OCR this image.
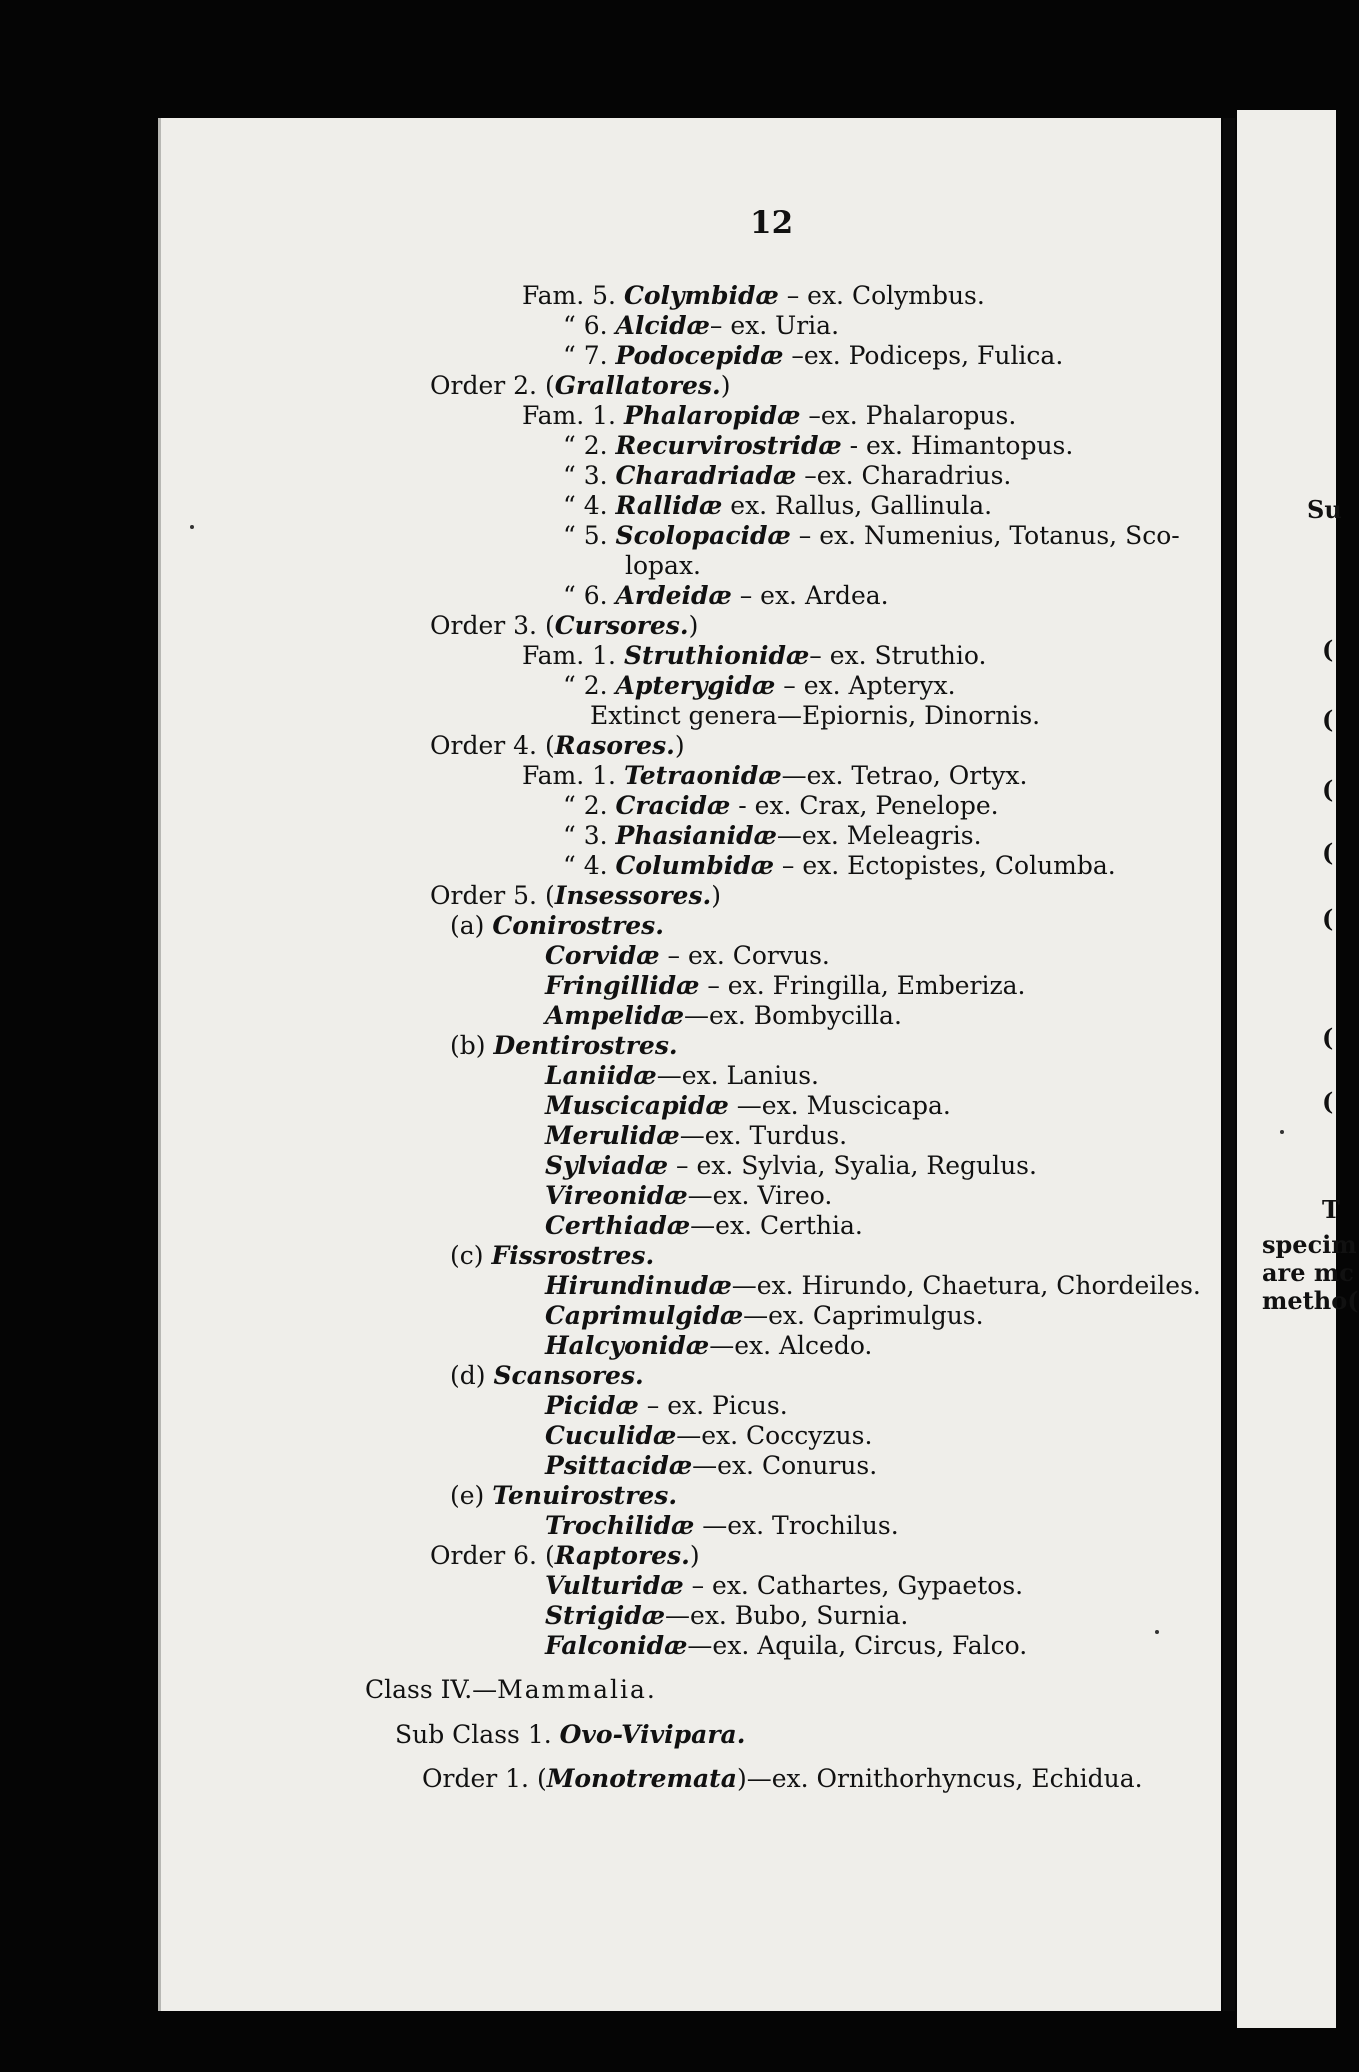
12
Fam. 5. Colymbidæ – ex. Colymbus.
“ 6. Alcidæ– ex. Uria.
“ 7. Podocepidæ –ex. Podiceps, Fulica.
Order 2. (Grallatores.)
Fam. 1. Phalaropidæ –ex. Phalaropus.
“ 2. Recurvirostridæ - ex. Himantopus.
“ 3. Charadriadæ –ex. Charadrius.
“ 4. Rallidæ ex. Rallus, Gallinula.
“ 5. Scolopacidæ – ex. Numenius, Totanus, Sco-
lopax.
“ 6. Ardeidæ – ex. Ardea.
Order 3. (Cursores.)
Fam. 1. Struthionidæ– ex. Struthio.
“ 2. Apterygidæ – ex. Apteryx.
Extinct genera—Epiornis, Dinornis.
Order 4. (Rasores.)
Fam. 1. Tetraonidæ—ex. Tetrao, Ortyx.
“ 2. Cracidæ - ex. Crax, Penelope.
“ 3. Phasianidæ—ex. Meleagris.
“ 4. Columbidæ – ex. Ectopistes, Columba.
Order 5. (Insessores.)
(a) Conirostres.
Corvidæ – ex. Corvus.
Fringillidæ – ex. Fringilla, Emberiza.
Ampelidæ—ex. Bombycilla.
(b) Dentirostres.
Laniidæ—ex. Lanius.
Muscicapidæ —ex. Muscicapa.
Merulidæ—ex. Turdus.
Sylviadæ – ex. Sylvia, Syalia, Regulus.
Vireonidæ—ex. Vireo.
Certhiadæ—ex. Certhia.
(c) Fissrostres.
Hirundinudæ—ex. Hirundo, Chaetura, Chordeiles.
Caprimulgidæ—ex. Caprimulgus.
Halcyonidæ—ex. Alcedo.
(d) Scansores.
Picidæ – ex. Picus.
Cuculidæ—ex. Coccyzus.
Psittacidæ—ex. Conurus.
(e) Tenuirostres.
Trochilidæ —ex. Trochilus.
Order 6. (Raptores.)
Vulturidæ – ex. Cathartes, Gypaetos.
Strigidæ—ex. Bubo, Surnia.
Falconidæ—ex. Aquila, Circus, Falco.
Class IV.—Mammalia.
Sub Class 1. Ovo-Vivipara.
Order 1. (Monotremata)—ex. Ornithorhyncus, Echidua.
Su
(
(
(
(
(
(
(
T
specim
are mc
metho(
